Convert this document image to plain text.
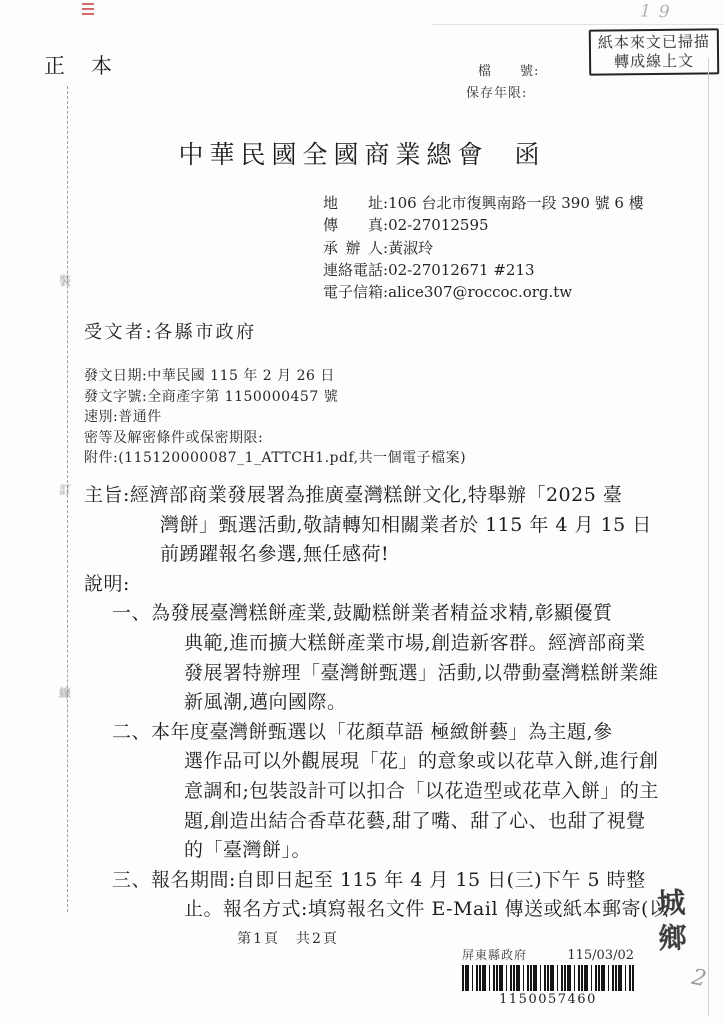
正本
19
紙本來文已掃描
轉成線上文
檔　　號:
保存年限:
中華民國全國商業總會 函
地址:106 台北市復興南路一段 390 號 6 樓
傳真:02-27012595
承辦人:黃淑玲
連絡電話:02-27012671 #213
電子信箱:alice307@roccoc.org.tw
受文者:各縣市政府
發文日期:中華民國 115 年 2 月 26 日
發文字號:全商產字第 1150000457 號
速別:普通件
密等及解密條件或保密期限:
附件:(115120000087_1_ATTCH1.pdf,共一個電子檔案)
主旨:經濟部商業發展署為推廣臺灣糕餅文化,特舉辦「2025 臺
灣餅」甄選活動,敬請轉知相關業者於 115 年 4 月 15 日
前踴躍報名參選,無任感荷!
說明:
一、為發展臺灣糕餅產業,鼓勵糕餅業者精益求精,彰顯優質
典範,進而擴大糕餅產業市場,創造新客群。經濟部商業
發展署特辦理「臺灣餅甄選」活動,以帶動臺灣糕餅業維
新風潮,邁向國際。
二、本年度臺灣餅甄選以「花顏草語 極緻餅藝」為主題,參
選作品可以外觀展現「花」的意象或以花草入餅,進行創
意調和;包裝設計可以扣合「以花造型或花草入餅」的主
題,創造出結合香草花藝,甜了嘴、甜了心、也甜了視覺
的「臺灣餅」。
三、報名期間:自即日起至 115 年 4 月 15 日(三)下午 5 時整
止。報名方式:填寫報名文件 E-Mail 傳送或紙本郵寄(以
第1頁　共2頁
屏東縣政府	115/03/02
1150057460
城鄉
2
裝
訂
線
